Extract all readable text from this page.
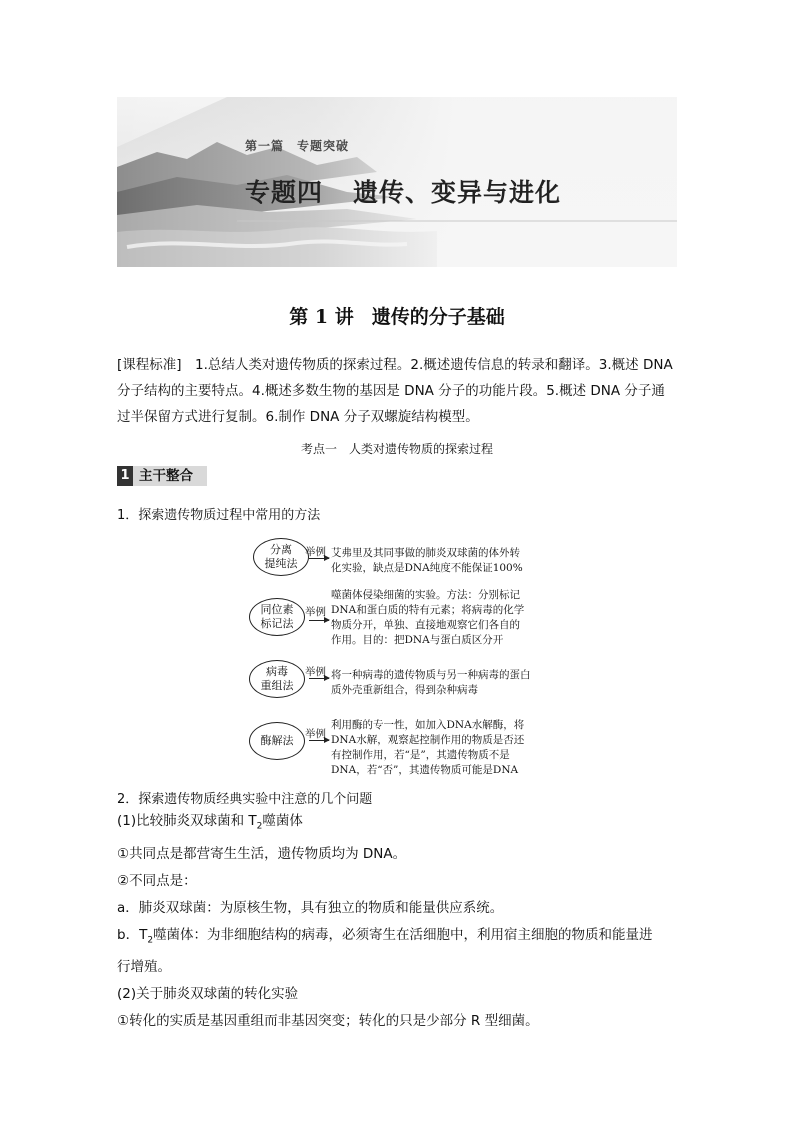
第一篇　专题突破
专题四 遗传、变异与进化
第 1 讲 遗传的分子基础

[课程标准]　1.总结人类对遗传物质的探索过程。2.概述遗传信息的转录和翻译。3.概述 DNA

分子结构的主要特点。4.概述多数生物的基因是 DNA 分子的功能片段。5.概述 DNA 分子通

过半保留方式进行复制。6.制作 DNA 分子双螺旋结构模型。

考点一 人类对遗传物质的探索过程
1 主干整合
1．探索遗传物质过程中常用的方法
分离
提纯法
举例 艾弗里及其同事做的肺炎双球菌的体外转
化实验，缺点是DNA纯度不能保证100%
同位素
标记法
举例
噬菌体侵染细菌的实验。方法：分别标记
DNA和蛋白质的特有元素；将病毒的化学
物质分开，单独、直接地观察它们各自的
作用。目的：把DNA与蛋白质区分开
病毒
重组法
举例 将一种病毒的遗传物质与另一种病毒的蛋白
质外壳重新组合，得到杂种病毒
酶解法 举例
利用酶的专一性，如加入DNA水解酶，将
DNA水解，观察起控制作用的物质是否还
有控制作用，若“是”，其遗传物质不是
DNA，若“否”，其遗传物质可能是DNA
2．探索遗传物质经典实验中注意的几个问题

(1)比较肺炎双球菌和 $T_2$噬菌体

①共同点是都营寄生生活，遗传物质均为 DNA。

②不同点是：

a．肺炎双球菌：为原核生物，具有独立的物质和能量供应系统。

b．$T_2$噬菌体：为非细胞结构的病毒，必须寄生在活细胞中，利用宿主细胞的物质和能量进

行增殖。

(2)关于肺炎双球菌的转化实验

①转化的实质是基因重组而非基因突变；转化的只是少部分 R 型细菌。
